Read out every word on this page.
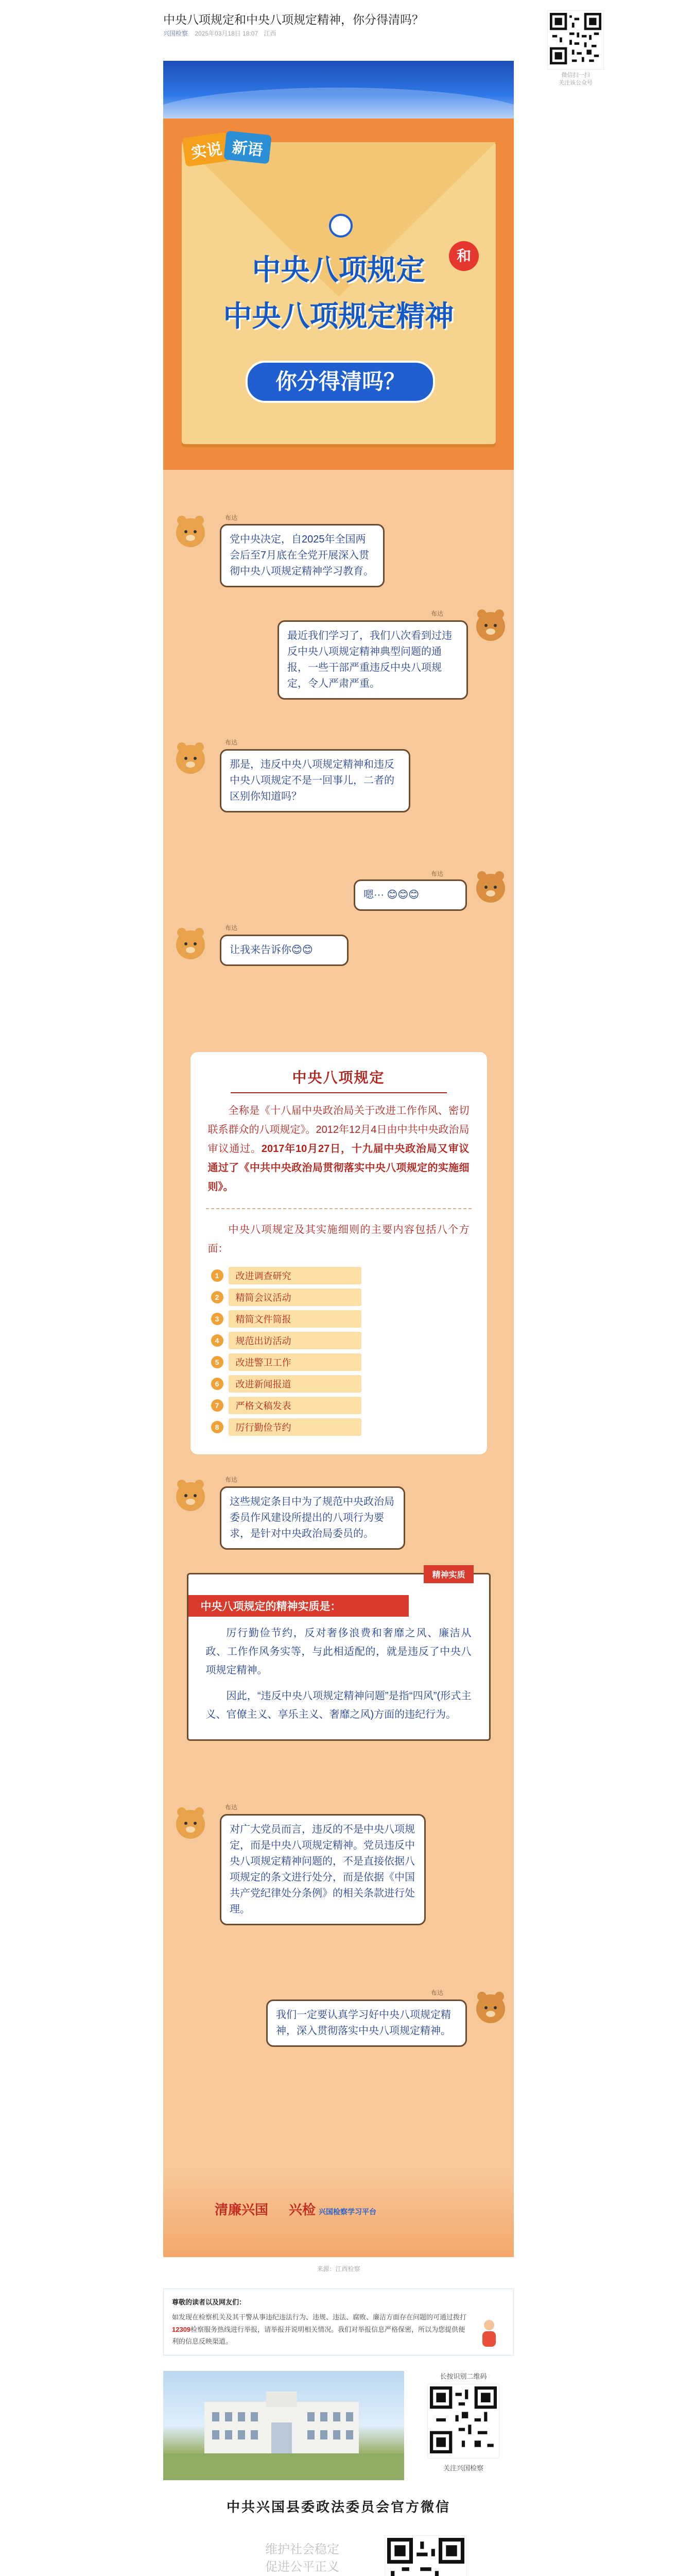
中央八项规定和中央八项规定精神，你分得清吗？
兴国检察 2025年03月18日 18:07 江西
微信扫一扫
关注该公众号
实说 新语
中央八项规定	和
中央八项规定精神
你分得清吗？
布达
党中央决定，自2025年全国两会后至7月底在全党开展深入贯彻中央八项规定精神学习教育。
布达
最近我们学习了，我们八次看到过违反中央八项规定精神典型问题的通报，一些干部严重违反中央八项规定，令人严肃严重。
布达
那是，违反中央八项规定精神和违反中央八项规定不是一回事儿，二者的区别你知道吗？
布达
嗯··· 😊😊😊
布达
让我来告诉你😊😊
中央八项规定
全称是《十八届中央政治局关于改进工作作风、密切联系群众的八项规定》。2012年12月4日由中共中央政治局审议通过。2017年10月27日，十九届中央政治局又审议通过了《中共中央政治局贯彻落实中央八项规定的实施细则》。
中央八项规定及其实施细则的主要内容包括八个方面：
1	改进调查研究
2	精简会议活动
3	精简文件简报
4	规范出访活动
5	改进警卫工作
6	改进新闻报道
7	严格文稿发表
8	厉行勤俭节约
布达
这些规定条目中为了规范中央政治局委员作风建设所提出的八项行为要求，是针对中央政治局委员的。
精神实质
中央八项规定的精神实质是：
厉行勤俭节约，反对奢侈浪费和奢靡之风、廉洁从政、工作作风务实等，与此相适配的，就是违反了中央八项规定精神。
因此，“违反中央八项规定精神问题”是指“四风”(形式主义、官僚主义、享乐主义、奢靡之风)方面的违纪行为。
布达
对广大党员而言，违反的不是中央八项规定，而是中央八项规定精神。党员违反中央八项规定精神问题的，不是直接依据八项规定的条文进行处分，而是依据《中国共产党纪律处分条例》的相关条款进行处理。
布达
我们一定要认真学习好中央八项规定精神，深入贯彻落实中央八项规定精神。
清廉兴国 兴检 兴国检察学习平台
来源：江西检察
尊敬的读者以及网友们：
如发现在检察机关及其干警从事违纪违法行为、违规、违法、腐败、廉洁方面存在问题的可通过拨打12309检察服务热线进行举报，请举报并说明相关情况。我们对举报信息严格保密，所以为您提供便利的信息反映渠道。
长按识别二维码
关注兴国检察
中共兴国县委政法委员会官方微信
维护社会稳定
促进公平正义
